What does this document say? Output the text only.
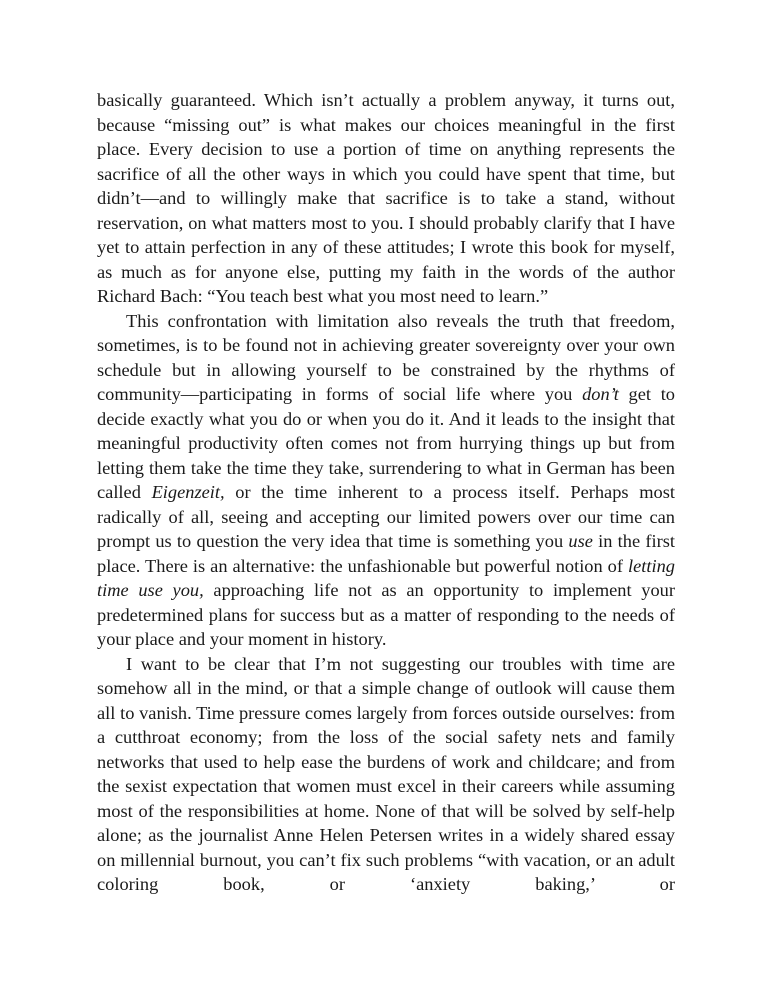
basically guaranteed. Which isn’t actually a problem anyway, it turns out, because “missing out” is what makes our choices meaningful in the first place. Every decision to use a portion of time on anything represents the sacrifice of all the other ways in which you could have spent that time, but didn’t—and to willingly make that sacrifice is to take a stand, without reservation, on what matters most to you. I should probably clarify that I have yet to attain perfection in any of these attitudes; I wrote this book for myself, as much as for anyone else, putting my faith in the words of the author Richard Bach: “You teach best what you most need to learn.”

This confrontation with limitation also reveals the truth that freedom, sometimes, is to be found not in achieving greater sovereignty over your own schedule but in allowing yourself to be constrained by the rhythms of community—participating in forms of social life where you don’t get to decide exactly what you do or when you do it. And it leads to the insight that meaningful productivity often comes not from hurrying things up but from letting them take the time they take, surrendering to what in German has been called Eigenzeit, or the time inherent to a process itself. Perhaps most radically of all, seeing and accepting our limited powers over our time can prompt us to question the very idea that time is something you use in the first place. There is an alternative: the unfashionable but powerful notion of letting time use you, approaching life not as an opportunity to implement your predetermined plans for success but as a matter of responding to the needs of your place and your moment in history.

I want to be clear that I’m not suggesting our troubles with time are somehow all in the mind, or that a simple change of outlook will cause them all to vanish. Time pressure comes largely from forces outside ourselves: from a cutthroat economy; from the loss of the social safety nets and family networks that used to help ease the burdens of work and childcare; and from the sexist expectation that women must excel in their careers while assuming most of the responsibilities at home. None of that will be solved by self-help alone; as the journalist Anne Helen Petersen writes in a widely shared essay on millennial burnout, you can’t fix such problems “with vacation, or an adult coloring book, or ‘anxiety baking,’ or
